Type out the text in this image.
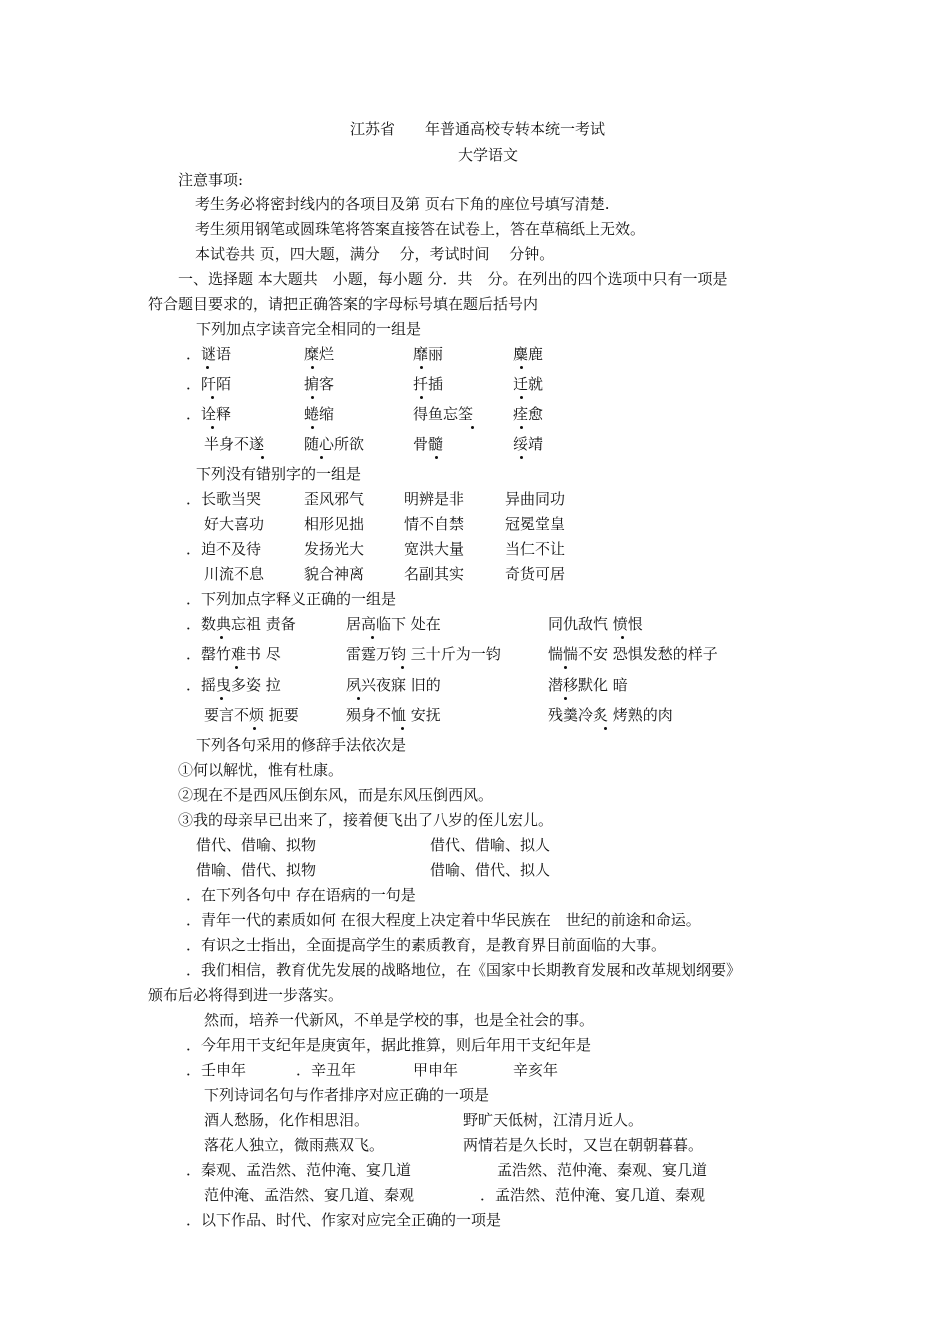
江苏省　　年普通高校专转本统一考试
大学语文
注意事项:
考生务必将密封线内的各项目及第 页右下角的座位号填写清楚.
考生须用钢笔或圆珠笔将答案直接答在试卷上，答在草稿纸上无效。
本试卷共 页，四大题，满分　 分，考试时间　 分钟。
一、选择题 本大题共　小题，每小题 分．共　分。在列出的四个选项中只有一项是
符合题目要求的，请把正确答案的字母标号填在题后括号内
下列加点字读音完全相同的一组是
．谜语	糜烂	靡丽	麋鹿
．阡陌	掮客	扦插	迁就
．诠释	蜷缩	得鱼忘筌	痊愈
半身不遂	随心所欲	骨髓	绥靖
下列没有错别字的一组是
．长歌当哭	歪风邪气	明辨是非	异曲同功
好大喜功	相形见拙	情不自禁	冠冕堂皇
．迫不及待	发扬光大	宽洪大量	当仁不让
川流不息	貌合神离	名副其实	奇货可居
．下列加点字释义正确的一组是
．数典忘祖 责备	居高临下 处在	同仇敌忾 愤恨
．罄竹难书 尽	雷霆万钧 三十斤为一钧	惴惴不安 恐惧发愁的样子
．摇曳多姿 拉	夙兴夜寐 旧的	潜移默化 暗
要言不烦 扼要	殒身不恤 安抚	残羹冷炙 烤熟的肉
下列各句采用的修辞手法依次是
①何以解忧，惟有杜康。
②现在不是西风压倒东风，而是东风压倒西风。
③我的母亲早已出来了，接着便飞出了八岁的侄儿宏儿。
借代、借喻、拟物	借代、借喻、拟人
借喻、借代、拟物	借喻、借代、拟人
．在下列各句中 存在语病的一句是
．青年一代的素质如何 在很大程度上决定着中华民族在　世纪的前途和命运。
．有识之士指出，全面提高学生的素质教育，是教育界目前面临的大事。
．我们相信，教育优先发展的战略地位，在《国家中长期教育发展和改革规划纲要》
颁布后必将得到进一步落实。
然而，培养一代新风，不单是学校的事，也是全社会的事。
．今年用干支纪年是庚寅年，据此推算，则后年用干支纪年是
．壬申年	．辛丑年	甲申年	辛亥年
下列诗词名句与作者排序对应正确的一项是
酒人愁肠，化作相思泪。	野旷天低树，江清月近人。
落花人独立，微雨燕双飞。	两情若是久长时，又岂在朝朝暮暮。
．秦观、孟浩然、范仲淹、宴几道	孟浩然、范仲淹、秦观、宴几道
范仲淹、孟浩然、宴几道、秦观	．孟浩然、范仲淹、宴几道、秦观
．以下作品、时代、作家对应完全正确的一项是
